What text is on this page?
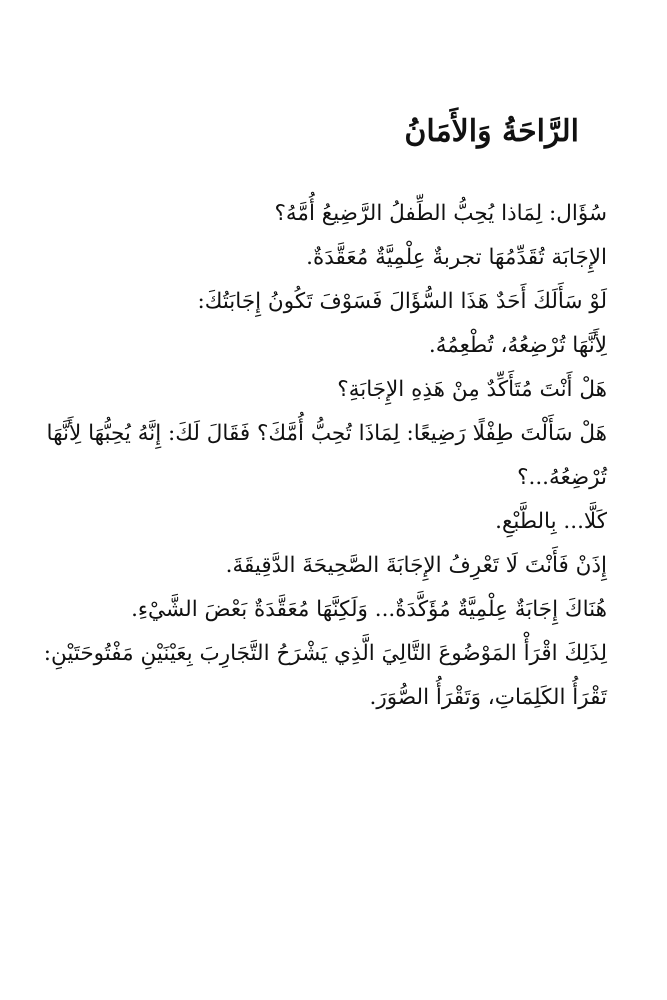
الرَّاحَةُ وَالأَمَانُ

سُؤَال: لِمَاذا يُحِبُّ الطِّفلُ الرَّضِيعُ أُمَّهُ؟

الإِجَابَة تُقَدِّمُهَا تجربةٌ عِلْمِيَّةٌ مُعَقَّدَةٌ.

لَوْ سَأَلَكَ أَحَدٌ هَذَا السُّؤَالَ فَسَوْفَ تَكُونُ إِجَابَتُكَ:

لِأَنَّهَا تُرْضِعُهُ، تُطْعِمُهُ.

هَلْ أَنْتَ مُتَأَكِّدٌ مِنْ هَذِهِ الإِجَابَةِ؟

هَلْ سَأَلْتَ طِفْلًا رَضِيعًا: لِمَاذَا تُحِبُّ أُمَّكَ؟ فَقَالَ لَكَ: إِنَّهُ يُحِبُّهَا لِأَنَّهَا تُرْضِعُهُ...؟

كَلَّا... بِالطَّبْعِ.

إِذَنْ فَأَنْتَ لَا تَعْرِفُ الإِجَابَةَ الصَّحِيحَةَ الدَّقِيقَةَ.

هُنَاكَ إِجَابَةٌ عِلْمِيَّةٌ مُؤَكَّدَةٌ... وَلَكِنَّهَا مُعَقَّدَةٌ بَعْضَ الشَّيْءِ.

لِذَلِكَ اقْرَأْ المَوْضُوعَ التَّالِيَ الَّذِي يَشْرَحُ التَّجَارِبَ بِعَيْنَيْنِ مَفْتُوحَتَيْنِ:

تَقْرَأُ الكَلِمَاتِ، وَتَقْرَأُ الصُّوَرَ.
